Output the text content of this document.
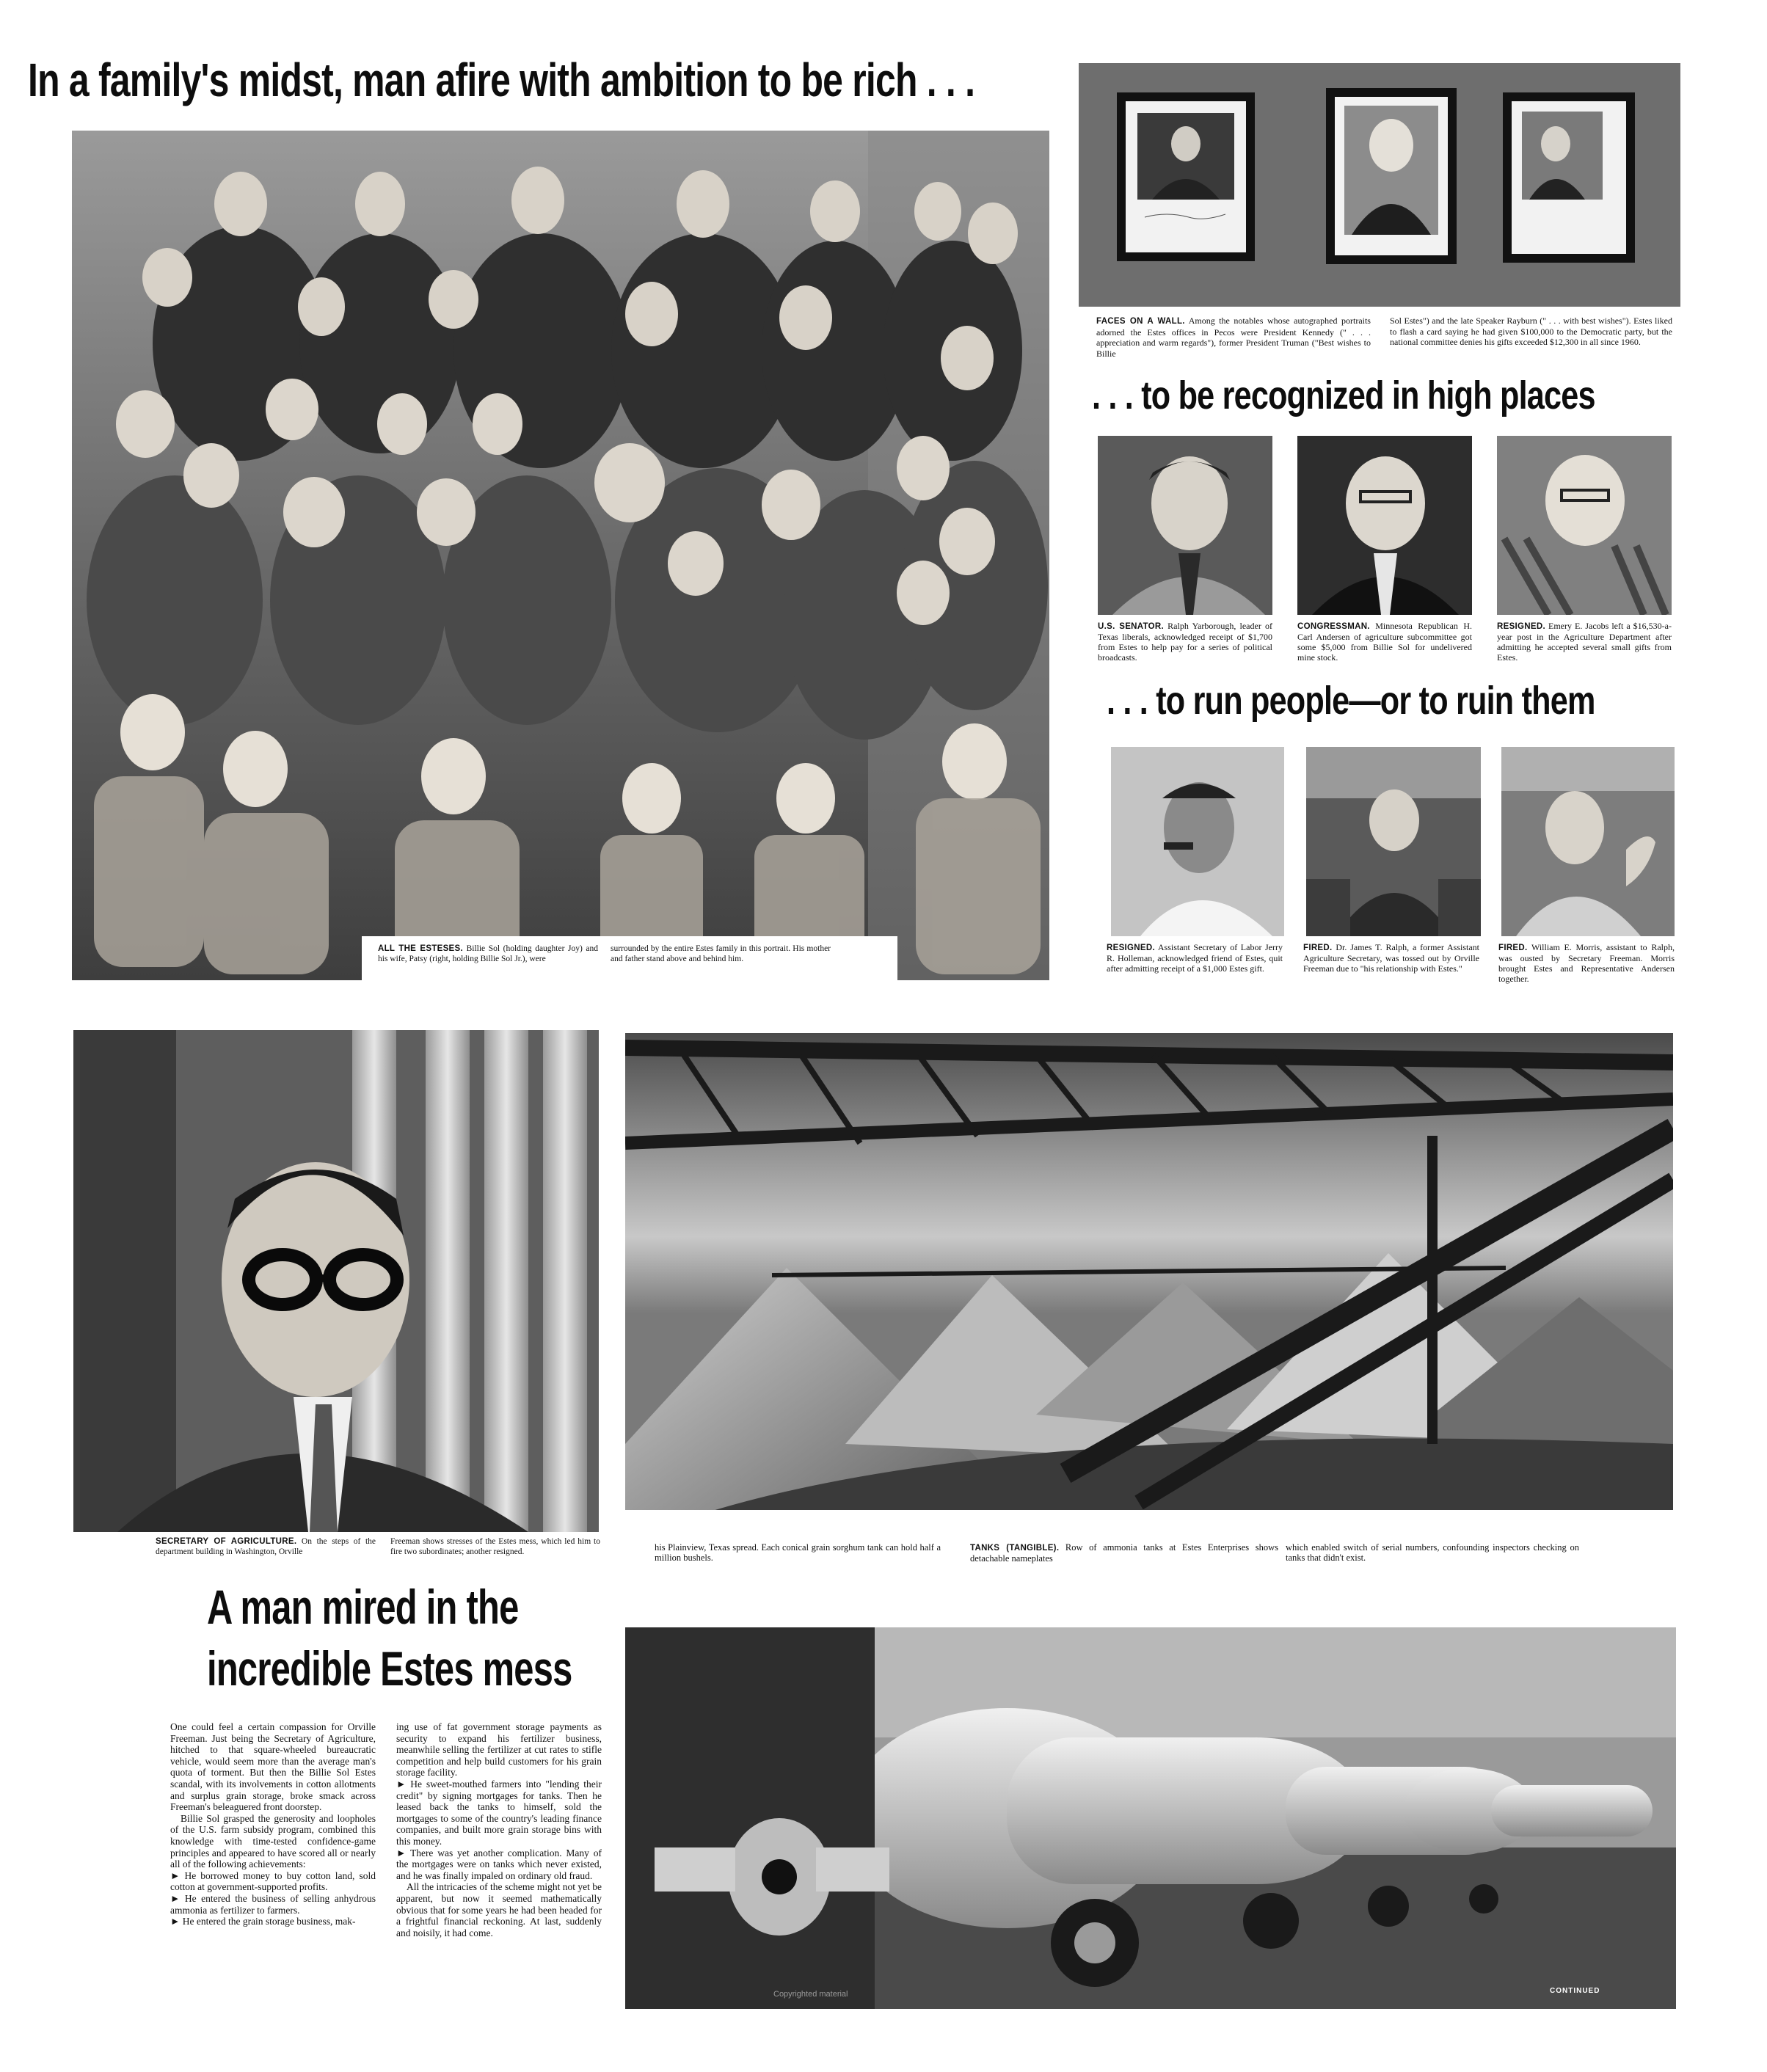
In a family's midst, man afire with ambition to be rich . . .
ALL THE ESTESES. Billie Sol (holding daughter Joy) and his wife, Patsy (right, holding Billie Sol Jr.), were
surrounded by the entire Estes family in this portrait. His mother and father stand above and behind him.
FACES ON A WALL. Among the notables whose autographed portraits adorned the Estes offices in Pecos were President Kennedy (" . . . appreciation and warm regards"), former President Truman ("Best wishes to Billie
Sol Estes") and the late Speaker Rayburn (" . . . with best wishes"). Estes liked to flash a card saying he had given $100,000 to the Democratic party, but the national committee denies his gifts exceeded $12,300 in all since 1960.
. . . to be recognized in high places
U.S. SENATOR. Ralph Yarborough, leader of Texas liberals, acknowledged receipt of $1,700 from Estes to help pay for a series of political broadcasts.
CONGRESSMAN. Minnesota Republican H. Carl Andersen of agriculture subcommittee got some $5,000 from Billie Sol for undelivered mine stock.
RESIGNED. Emery E. Jacobs left a $16,530-a-year post in the Agriculture Department after admitting he accepted several small gifts from Estes.
. . . to run people—or to ruin them
RESIGNED. Assistant Secretary of Labor Jerry R. Holleman, acknowledged friend of Estes, quit after admitting receipt of a $1,000 Estes gift.
FIRED. Dr. James T. Ralph, a former Assistant Agriculture Secretary, was tossed out by Orville Freeman due to "his relationship with Estes."
FIRED. William E. Morris, assistant to Ralph, was ousted by Secretary Freeman. Morris brought Estes and Representative Andersen together.
SECRETARY OF AGRICULTURE. On the steps of the department building in Washington, Orville
Freeman shows stresses of the Estes mess, which led him to fire two subordinates; another resigned.
A man mired in the
incredible Estes mess

One could feel a certain compassion for Orville Freeman. Just being the Secretary of Agriculture, hitched to that square-wheeled bureaucratic vehicle, would seem more than the average man's quota of torment. But then the Billie Sol Estes scandal, with its involvements in cotton allotments and surplus grain storage, broke smack across Freeman's beleaguered front doorstep.

Billie Sol grasped the generosity and loopholes of the U.S. farm subsidy program, combined this knowledge with time-tested confidence-game principles and appeared to have scored all or nearly all of the following achievements:

► He borrowed money to buy cotton land, sold cotton at government-supported profits.

► He entered the business of selling anhydrous ammonia as fertilizer to farmers.

► He entered the grain storage business, mak-

ing use of fat government storage payments as security to expand his fertilizer business, meanwhile selling the fertilizer at cut rates to stifle competition and help build customers for his grain storage facility.

► He sweet-mouthed farmers into "lending their credit" by signing mortgages for tanks. Then he leased back the tanks to himself, sold the mortgages to some of the country's leading finance companies, and built more grain storage bins with this money.

► There was yet another complication. Many of the mortgages were on tanks which never existed, and he was finally impaled on ordinary old fraud.

All the intricacies of the scheme might not yet be apparent, but now it seemed mathematically obvious that for some years he had been headed for a frightful financial reckoning. At last, suddenly and noisily, it had come.

his Plainview, Texas spread. Each conical grain sorghum tank can hold half a million bushels.
TANKS (TANGIBLE). Row of ammonia tanks at Estes Enterprises shows detachable nameplates
which enabled switch of serial numbers, confounding inspectors checking on tanks that didn't exist.
CONTINUED
Copyrighted material
